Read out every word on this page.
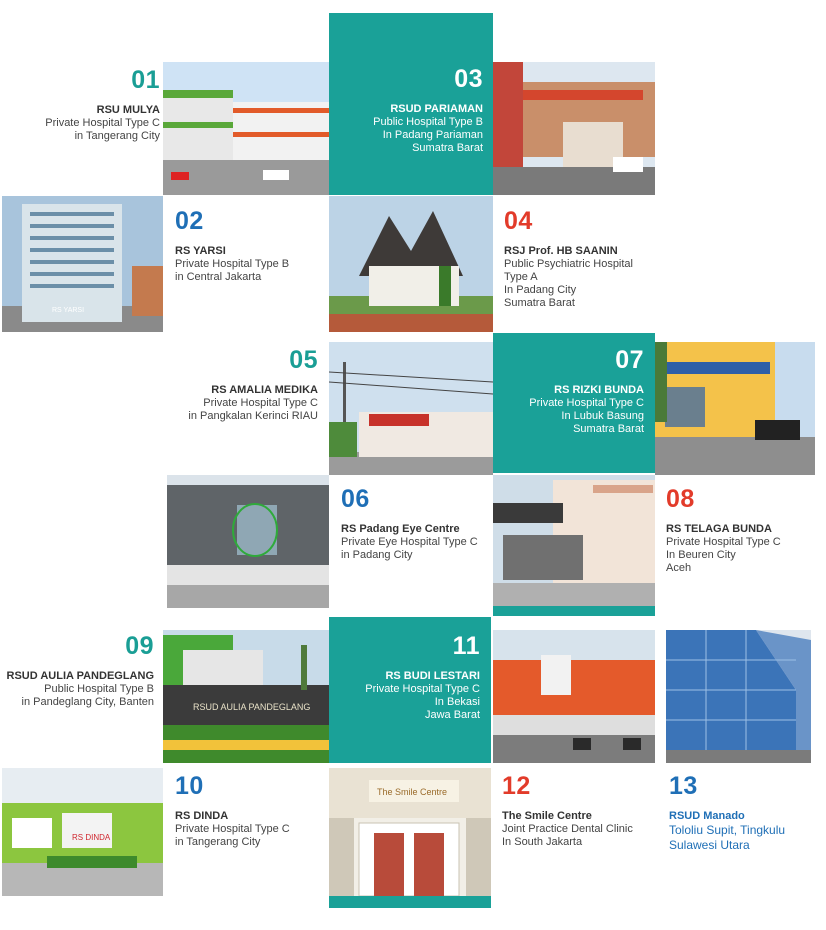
RS YARSI
RSUD AULIA PANDEGLANG
RS DINDA
The Smile Centre
01
RSU MULYA
Private Hospital Type C
in Tangerang City
02
RS YARSI
Private Hospital Type B
in Central Jakarta
03
RSUD PARIAMAN
Public Hospital Type B
In Padang Pariaman
Sumatra Barat
04
RSJ Prof. HB SAANIN
Public Psychiatric Hospital
Type A
In Padang City
Sumatra Barat
05
RS AMALIA MEDIKA
Private Hospital Type C
in Pangkalan Kerinci RIAU
06
RS Padang Eye Centre
Private Eye Hospital Type C
in Padang City
07
RS RIZKI BUNDA
Private Hospital Type C
In Lubuk Basung
Sumatra Barat
08
RS TELAGA BUNDA
Private Hospital Type C
In Beuren City
Aceh
09
RSUD AULIA PANDEGLANG
Public Hospital Type B
in Pandeglang City, Banten
10
RS DINDA
Private Hospital Type C
in Tangerang City
11
RS BUDI LESTARI
Private Hospital Type C
In Bekasi
Jawa Barat
12
The Smile Centre
Joint Practice Dental Clinic
In South Jakarta
13
RSUD Manado
Tololiu Supit, Tingkulu
Sulawesi Utara
